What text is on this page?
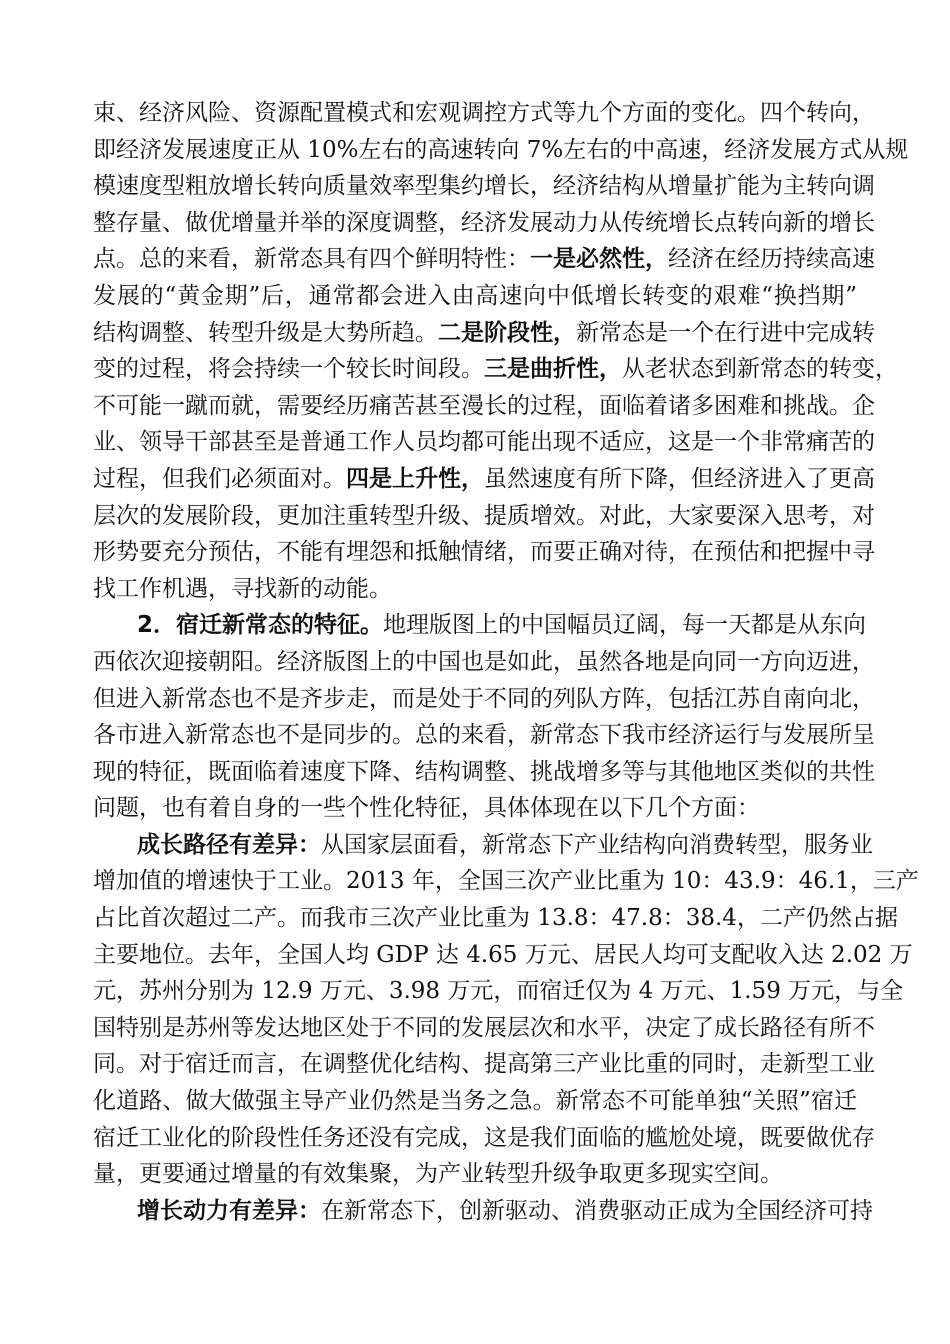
束、经济风险、资源配置模式和宏观调控方式等九个方面的变化。四个转向，
即经济发展速度正从 10%左右的高速转向 7%左右的中高速，经济发展方式从规
模速度型粗放增长转向质量效率型集约增长，经济结构从增量扩能为主转向调
整存量、做优增量并举的深度调整，经济发展动力从传统增长点转向新的增长
点。总的来看，新常态具有四个鲜明特性：一是必然性，经济在经历持续高速
发展的“黄金期”后，通常都会进入由高速向中低增长转变的艰难“换挡期”
结构调整、转型升级是大势所趋。二是阶段性，新常态是一个在行进中完成转
变的过程，将会持续一个较长时间段。三是曲折性，从老状态到新常态的转变，
不可能一蹴而就，需要经历痛苦甚至漫长的过程，面临着诸多困难和挑战。企
业、领导干部甚至是普通工作人员均都可能出现不适应，这是一个非常痛苦的
过程，但我们必须面对。四是上升性，虽然速度有所下降，但经济进入了更高
层次的发展阶段，更加注重转型升级、提质增效。对此，大家要深入思考，对
形势要充分预估，不能有埋怨和抵触情绪，而要正确对待，在预估和把握中寻
找工作机遇，寻找新的动能。
2．宿迁新常态的特征。地理版图上的中国幅员辽阔，每一天都是从东向
西依次迎接朝阳。经济版图上的中国也是如此，虽然各地是向同一方向迈进，
但进入新常态也不是齐步走，而是处于不同的列队方阵，包括江苏自南向北，
各市进入新常态也不是同步的。总的来看，新常态下我市经济运行与发展所呈
现的特征，既面临着速度下降、结构调整、挑战增多等与其他地区类似的共性
问题，也有着自身的一些个性化特征，具体体现在以下几个方面：
成长路径有差异：从国家层面看，新常态下产业结构向消费转型，服务业
增加值的增速快于工业。2013 年，全国三次产业比重为 10：43.9：46.1，三产
占比首次超过二产。而我市三次产业比重为 13.8：47.8：38.4，二产仍然占据
主要地位。去年，全国人均 GDP 达 4.65 万元、居民人均可支配收入达 2.02 万
元，苏州分别为 12.9 万元、3.98 万元，而宿迁仅为 4 万元、1.59 万元，与全
国特别是苏州等发达地区处于不同的发展层次和水平，决定了成长路径有所不
同。对于宿迁而言，在调整优化结构、提高第三产业比重的同时，走新型工业
化道路、做大做强主导产业仍然是当务之急。新常态不可能单独“关照”宿迁
宿迁工业化的阶段性任务还没有完成，这是我们面临的尴尬处境，既要做优存
量，更要通过增量的有效集聚，为产业转型升级争取更多现实空间。
增长动力有差异：在新常态下，创新驱动、消费驱动正成为全国经济可持
